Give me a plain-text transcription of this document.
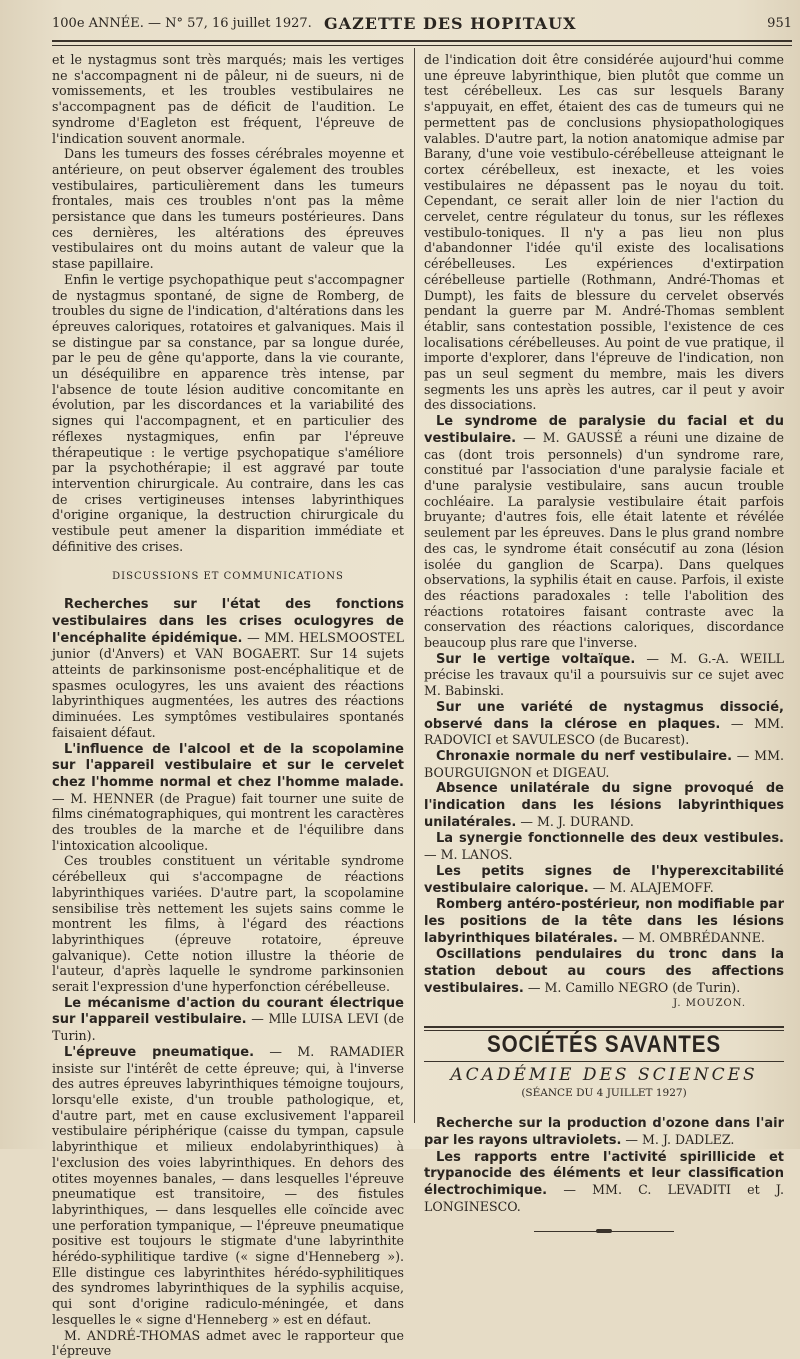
100e ANNÉE. — N° 57, 16 juillet 1927. GAZETTE DES HOPITAUX	951

et le nystagmus sont très marqués; mais les vertiges ne s'accompagnent ni de pâleur, ni de sueurs, ni de vomissements, et les troubles vestibulaires ne s'accompagnent pas de déficit de l'audition. Le syndrome d'Eagleton est fréquent, l'épreuve de l'indication souvent anormale.

Dans les tumeurs des fosses cérébrales moyenne et antérieure, on peut observer également des troubles vestibulaires, particulièrement dans les tumeurs frontales, mais ces troubles n'ont pas la même persistance que dans les tumeurs postérieures. Dans ces dernières, les altérations des épreuves vestibulaires ont du moins autant de valeur que la stase papillaire.

Enfin le vertige psychopathique peut s'accompagner de nystagmus spontané, de signe de Romberg, de troubles du signe de l'indication, d'altérations dans les épreuves caloriques, rotatoires et galvaniques. Mais il se distingue par sa constance, par sa longue durée, par le peu de gêne qu'apporte, dans la vie courante, un déséquilibre en apparence très intense, par l'absence de toute lésion auditive concomitante en évolution, par les discordances et la variabilité des signes qui l'accompagnent, et en particulier des réflexes nystagmiques, enfin par l'épreuve thérapeutique : le vertige psychopatique s'améliore par la psychothérapie; il est aggravé par toute intervention chirurgicale. Au contraire, dans les cas de crises vertigineuses intenses labyrinthiques d'origine organique, la destruction chirurgicale du vestibule peut amener la disparition immédiate et définitive des crises.

DISCUSSIONS ET COMMUNICATIONS

Recherches sur l'état des fonctions vestibulaires dans les crises oculogyres de l'encéphalite épidémique. — MM. HELSMOOSTEL junior (d'Anvers) et VAN BOGAERT. Sur 14 sujets atteints de parkinsonisme post-encéphalitique et de spasmes oculogyres, les uns avaient des réactions labyrinthiques augmentées, les autres des réactions diminuées. Les symptômes vestibulaires spontanés faisaient défaut.

L'influence de l'alcool et de la scopolamine sur l'appareil vestibulaire et sur le cervelet chez l'homme normal et chez l'homme malade. — M. HENNER (de Prague) fait tourner une suite de films cinématographiques, qui montrent les caractères des troubles de la marche et de l'équilibre dans l'intoxication alcoolique.

Ces troubles constituent un véritable syndrome cérébelleux qui s'accompagne de réactions labyrinthiques variées. D'autre part, la scopolamine sensibilise très nettement les sujets sains comme le montrent les films, à l'égard des réactions labyrinthiques (épreuve rotatoire, épreuve galvanique). Cette notion illustre la théorie de l'auteur, d'après laquelle le syndrome parkinsonien serait l'expression d'une hyperfonction cérébelleuse.

Le mécanisme d'action du courant électrique sur l'appareil vestibulaire. — Mlle LUISA LEVI (de Turin).

L'épreuve pneumatique. — M. RAMADIER insiste sur l'intérêt de cette épreuve; qui, à l'inverse des autres épreuves labyrinthiques témoigne toujours, lorsqu'elle existe, d'un trouble pathologique, et, d'autre part, met en cause exclusivement l'appareil vestibulaire périphérique (caisse du tympan, capsule labyrinthique et milieux endolabyrinthiques) à l'exclusion des voies labyrinthiques. En dehors des otites moyennes banales, — dans lesquelles l'épreuve pneumatique est transitoire, — des fistules labyrinthiques, — dans lesquelles elle coïncide avec une perforation tympanique, — l'épreuve pneumatique positive est toujours le stigmate d'une labyrinthite hérédo-syphilitique tardive (« signe d'Henneberg »). Elle distingue ces labyrinthites hérédo-syphilitiques des syndromes labyrinthiques de la syphilis acquise, qui sont d'origine radiculo-méningée, et dans lesquelles le « signe d'Henneberg » est en défaut.

M. ANDRÉ-THOMAS admet avec le rapporteur que l'épreuve

de l'indication doit être considérée aujourd'hui comme une épreuve labyrinthique, bien plutôt que comme un test cérébelleux. Les cas sur lesquels Barany s'appuyait, en effet, étaient des cas de tumeurs qui ne permettent pas de conclusions physiopathologiques valables. D'autre part, la notion anatomique admise par Barany, d'une voie vestibulo-cérébelleuse atteignant le cortex cérébelleux, est inexacte, et les voies vestibulaires ne dépassent pas le noyau du toit. Cependant, ce serait aller loin de nier l'action du cervelet, centre régulateur du tonus, sur les réflexes vestibulo-toniques. Il n'y a pas lieu non plus d'abandonner l'idée qu'il existe des localisations cérébelleuses. Les expériences d'extirpation cérébelleuse partielle (Rothmann, André-Thomas et Dumpt), les faits de blessure du cervelet observés pendant la guerre par M. André-Thomas semblent établir, sans contestation possible, l'existence de ces localisations cérébelleuses. Au point de vue pratique, il importe d'explorer, dans l'épreuve de l'indication, non pas un seul segment du membre, mais les divers segments les uns après les autres, car il peut y avoir des dissociations.

Le syndrome de paralysie du facial et du vestibulaire. — M. GAUSSÉ a réuni une dizaine de cas (dont trois personnels) d'un syndrome rare, constitué par l'association d'une paralysie faciale et d'une paralysie vestibulaire, sans aucun trouble cochléaire. La paralysie vestibulaire était parfois bruyante; d'autres fois, elle était latente et révélée seulement par les épreuves. Dans le plus grand nombre des cas, le syndrome était consécutif au zona (lésion isolée du ganglion de Scarpa). Dans quelques observations, la syphilis était en cause. Parfois, il existe des réactions paradoxales : telle l'abolition des réactions rotatoires faisant contraste avec la conservation des réactions caloriques, discordance beaucoup plus rare que l'inverse.

Sur le vertige voltaïque. — M. G.-A. WEILL précise les travaux qu'il a poursuivis sur ce sujet avec M. Babinski.

Sur une variété de nystagmus dissocié, observé dans la clérose en plaques. — MM. RADOVICI et SAVULESCO (de Bucarest).

Chronaxie normale du nerf vestibulaire. — MM. BOURGUIGNON et DIGEAU.

Absence unilatérale du signe provoqué de l'indication dans les lésions labyrinthiques unilatérales. — M. J. DURAND.

La synergie fonctionnelle des deux vestibules. — M. LANOS.

Les petits signes de l'hyperexcitabilité vestibulaire calorique. — M. ALAJEMOFF.

Romberg antéro-postérieur, non modifiable par les positions de la tête dans les lésions labyrinthiques bilatérales. — M. OMBRÉDANNE.

Oscillations pendulaires du tronc dans la station debout au cours des affections vestibulaires. — M. Camillo NEGRO (de Turin).

J. MOUZON.
SOCIÉTÉS SAVANTES
ACADÉMIE DES SCIENCES
(SÉANCE DU 4 JUILLET 1927)

Recherche sur la production d'ozone dans l'air par les rayons ultraviolets. — M. J. DADLEZ.

Les rapports entre l'activité spirillicide et trypanocide des éléments et leur classification électrochimique. — MM. C. LEVADITI et J. LONGINESCO.
